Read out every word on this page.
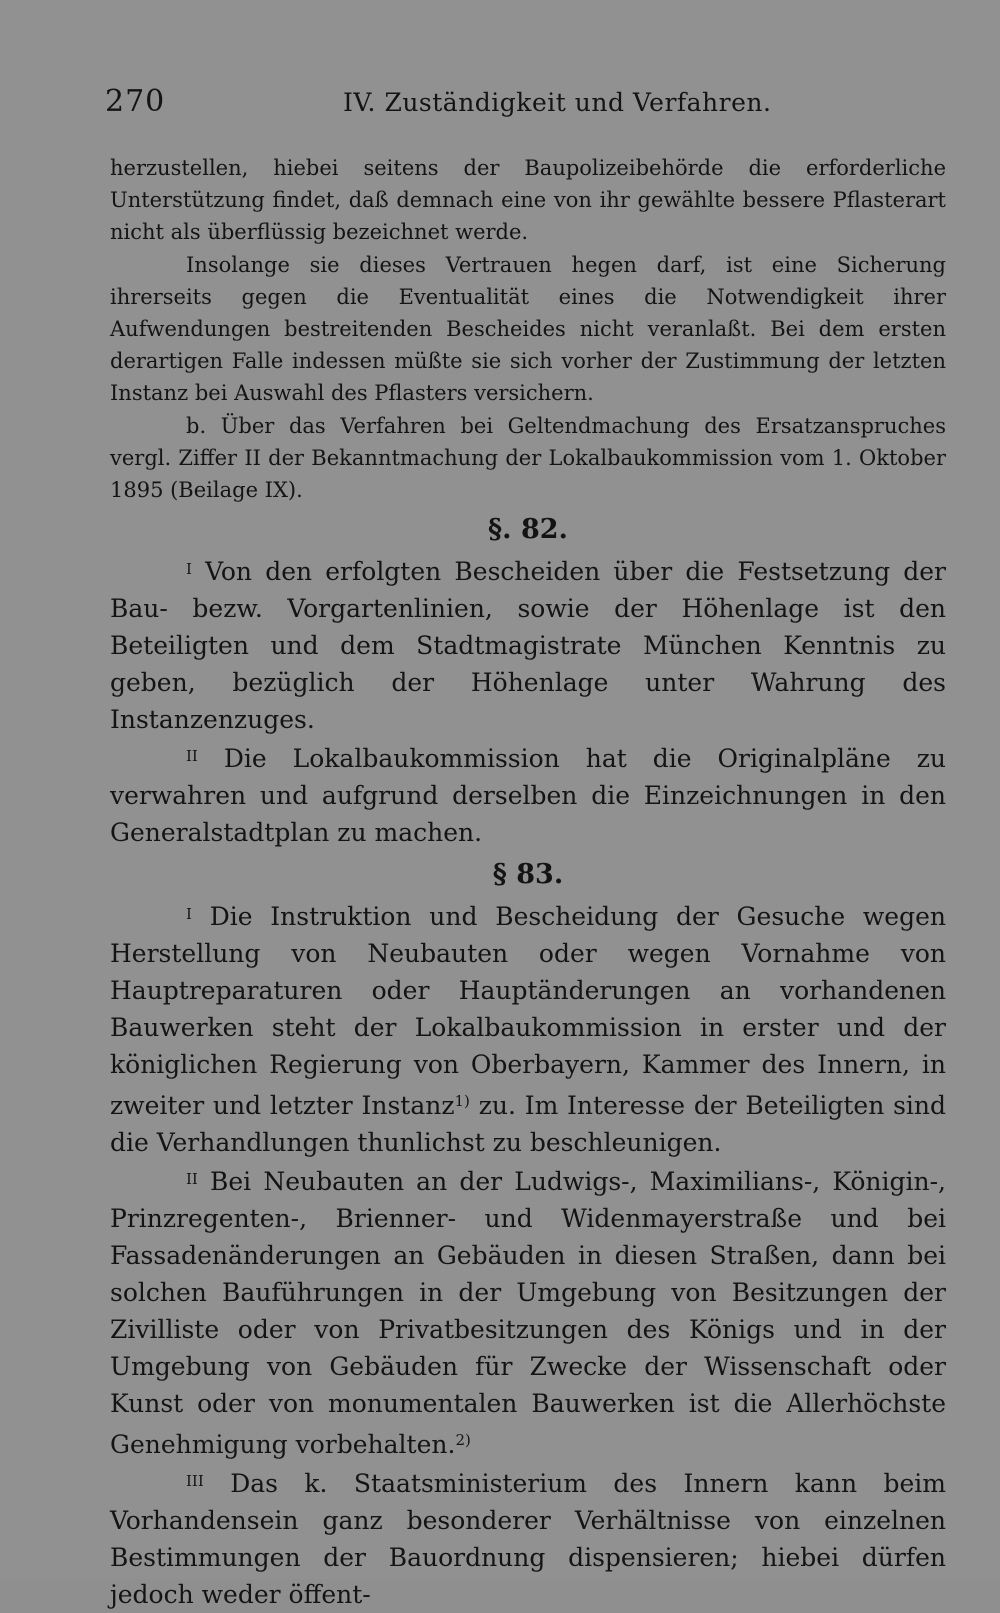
270	IV. Zuständigkeit und Verfahren.

herzustellen, hiebei seitens der Baupolizeibehörde die erforderliche Unterstützung findet, daß demnach eine von ihr gewählte bessere Pflasterart nicht als überflüssig bezeichnet werde.

Insolange sie dieses Vertrauen hegen darf, ist eine Sicherung ihrerseits gegen die Eventualität eines die Notwendigkeit ihrer Aufwendungen bestreitenden Bescheides nicht veranlaßt. Bei dem ersten derartigen Falle indessen müßte sie sich vorher der Zustimmung der letzten Instanz bei Auswahl des Pflasters versichern.

b. Über das Verfahren bei Geltendmachung des Ersatzanspruches vergl. Ziffer II der Bekanntmachung der Lokalbaukommission vom 1. Oktober 1895 (Beilage IX).

§. 82.

$^I$ Von den erfolgten Bescheiden über die Festsetzung der Bau- bezw. Vorgartenlinien, sowie der Höhenlage ist den Beteiligten und dem Stadtmagistrate München Kenntnis zu geben, bezüglich der Höhenlage unter Wahrung des Instanzenzuges.

$^{II}$ Die Lokalbaukommission hat die Originalpläne zu verwahren und aufgrund derselben die Einzeichnungen in den Generalstadtplan zu machen.

§ 83.

$^I$ Die Instruktion und Bescheidung der Gesuche wegen Herstellung von Neubauten oder wegen Vornahme von Hauptreparaturen oder Hauptänderungen an vorhandenen Bauwerken steht der Lokalbaukommission in erster und der königlichen Regierung von Oberbayern, Kammer des Innern, in zweiter und letzter Instanz$^{1)}$ zu. Im Interesse der Beteiligten sind die Verhandlungen thunlichst zu beschleunigen.

$^{II}$ Bei Neubauten an der Ludwigs-, Maximilians-, Königin-, Prinzregenten-, Brienner- und Widenmayerstraße und bei Fassadenänderungen an Gebäuden in diesen Straßen, dann bei solchen Bauführungen in der Umgebung von Besitzungen der Zivilliste oder von Privatbesitzungen des Königs und in der Umgebung von Gebäuden für Zwecke der Wissenschaft oder Kunst oder von monumentalen Bauwerken ist die Allerhöchste Genehmigung vorbehalten.$^{2)}$

$^{III}$ Das k. Staatsministerium des Innern kann beim Vorhandensein ganz besonderer Verhältnisse von einzelnen Bestimmungen der Bauordnung dispensieren; hiebei dürfen jedoch weder öffent-
